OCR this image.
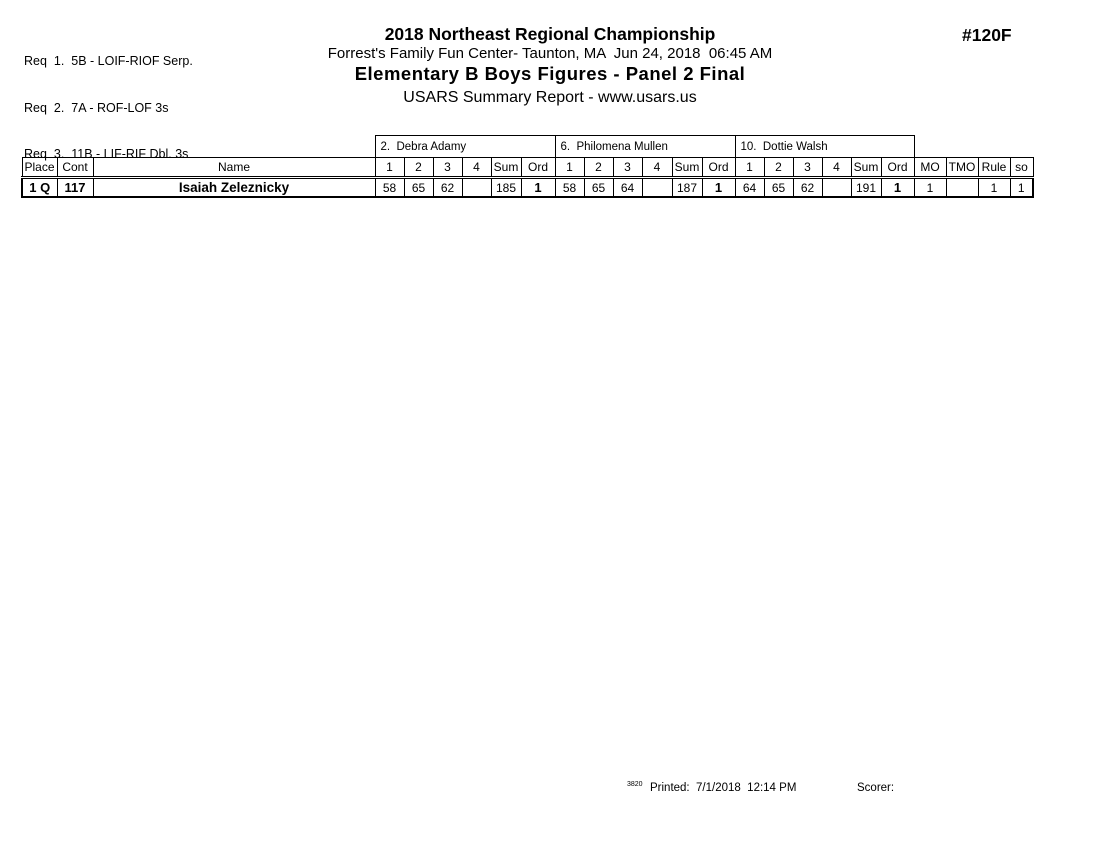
Req  1.  5B - LOIF-RIOF Serp.

Req  2.  7A - ROF-LOF 3s

Req  3.  11B - LIF-RIF Dbl. 3s

2018 Northeast Regional Championship
Forrest's Family Fun Center- Taunton, MA  Jun 24, 2018  06:45 AM
Elementary B Boys Figures - Panel 2 Final
USARS Summary Report - www.usars.us
#120F
			2.  Debra Adamy						6.  Philomena Mullen						10.  Dottie Walsh									
Place	Cont	Name	1	2	3	4	Sum	Ord	1	2	3	4	Sum	Ord	1	2	3	4	Sum	Ord	MO	TMO	Rule	so
1 Q	117	Isaiah Zeleznicky	58	65	62		185	1	58	65	64		187	1	64	65	62		191	1	1		1	1
3820 Printed:  7/1/2018  12:14 PM	Scorer:
